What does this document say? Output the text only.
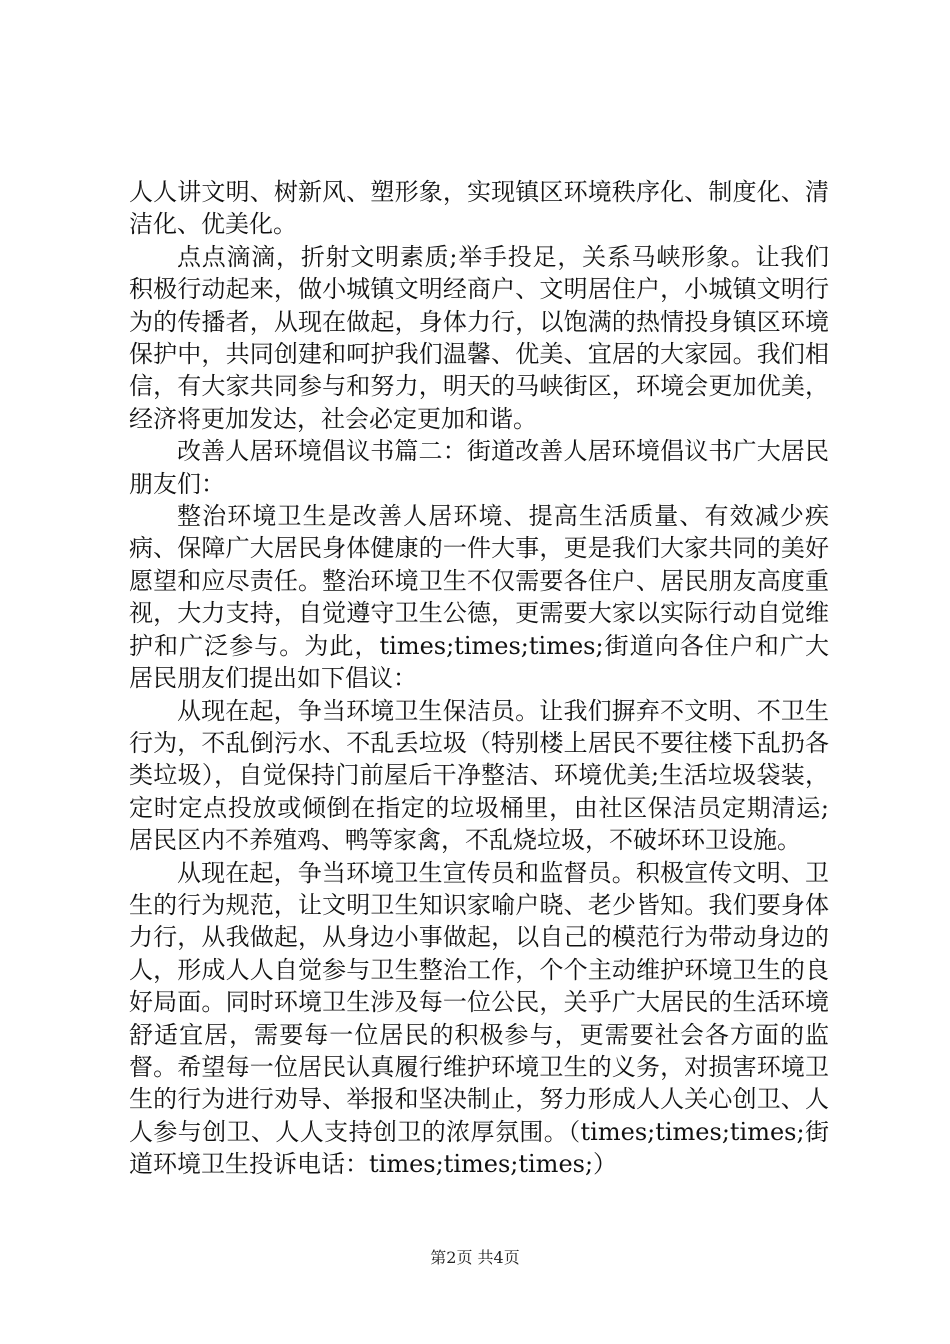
人人讲文明、树新风、塑形象，实现镇区环境秩序化、制度化、清洁化、优美化。

点点滴滴，折射文明素质;举手投足，关系马峡形象。让我们积极行动起来，做小城镇文明经商户、文明居住户，小城镇文明行为的传播者，从现在做起，身体力行，以饱满的热情投身镇区环境保护中，共同创建和呵护我们温馨、优美、宜居的大家园。我们相信，有大家共同参与和努力，明天的马峡街区，环境会更加优美，经济将更加发达，社会必定更加和谐。

改善人居环境倡议书篇二：街道改善人居环境倡议书广大居民朋友们：

整治环境卫生是改善人居环境、提高生活质量、有效减少疾病、保障广大居民身体健康的一件大事，更是我们大家共同的美好愿望和应尽责任。整治环境卫生不仅需要各住户、居民朋友高度重视，大力支持，自觉遵守卫生公德，更需要大家以实际行动自觉维护和广泛参与。为此，times;times;times;街道向各住户和广大居民朋友们提出如下倡议：

从现在起，争当环境卫生保洁员。让我们摒弃不文明、不卫生行为，不乱倒污水、不乱丢垃圾（特别楼上居民不要往楼下乱扔各类垃圾），自觉保持门前屋后干净整洁、环境优美;生活垃圾袋装，定时定点投放或倾倒在指定的垃圾桶里，由社区保洁员定期清运;居民区内不养殖鸡、鸭等家禽，不乱烧垃圾，不破坏环卫设施。

从现在起，争当环境卫生宣传员和监督员。积极宣传文明、卫生的行为规范，让文明卫生知识家喻户晓、老少皆知。我们要身体力行，从我做起，从身边小事做起，以自己的模范行为带动身边的人，形成人人自觉参与卫生整治工作，个个主动维护环境卫生的良好局面。同时环境卫生涉及每一位公民，关乎广大居民的生活环境舒适宜居，需要每一位居民的积极参与，更需要社会各方面的监督。希望每一位居民认真履行维护环境卫生的义务，对损害环境卫生的行为进行劝导、举报和坚决制止，努力形成人人关心创卫、人人参与创卫、人人支持创卫的浓厚氛围。（times;times;times;街道环境卫生投诉电话：times;times;times;）

第2页 共4页
